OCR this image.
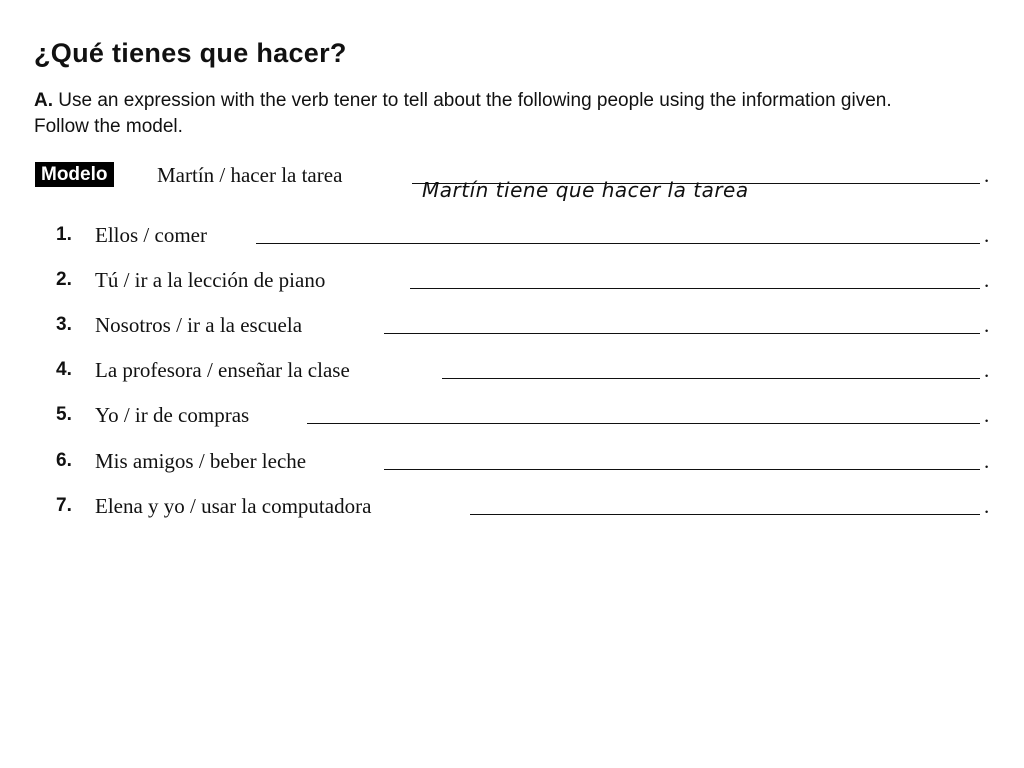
¿Qué tienes que hacer?

A. Use an expression with the verb tener to tell about the following people using the information given. Follow the model.

Modelo Martín / hacer la tarea
Martín tiene que hacer la tarea
.
1. Ellos / comer	.
2. Tú / ir a la lección de piano	.
3. Nosotros / ir a la escuela	.
4. La profesora / enseñar la clase	.
5. Yo / ir de compras	.
6. Mis amigos / beber leche	.
7. Elena y yo / usar la computadora	.
